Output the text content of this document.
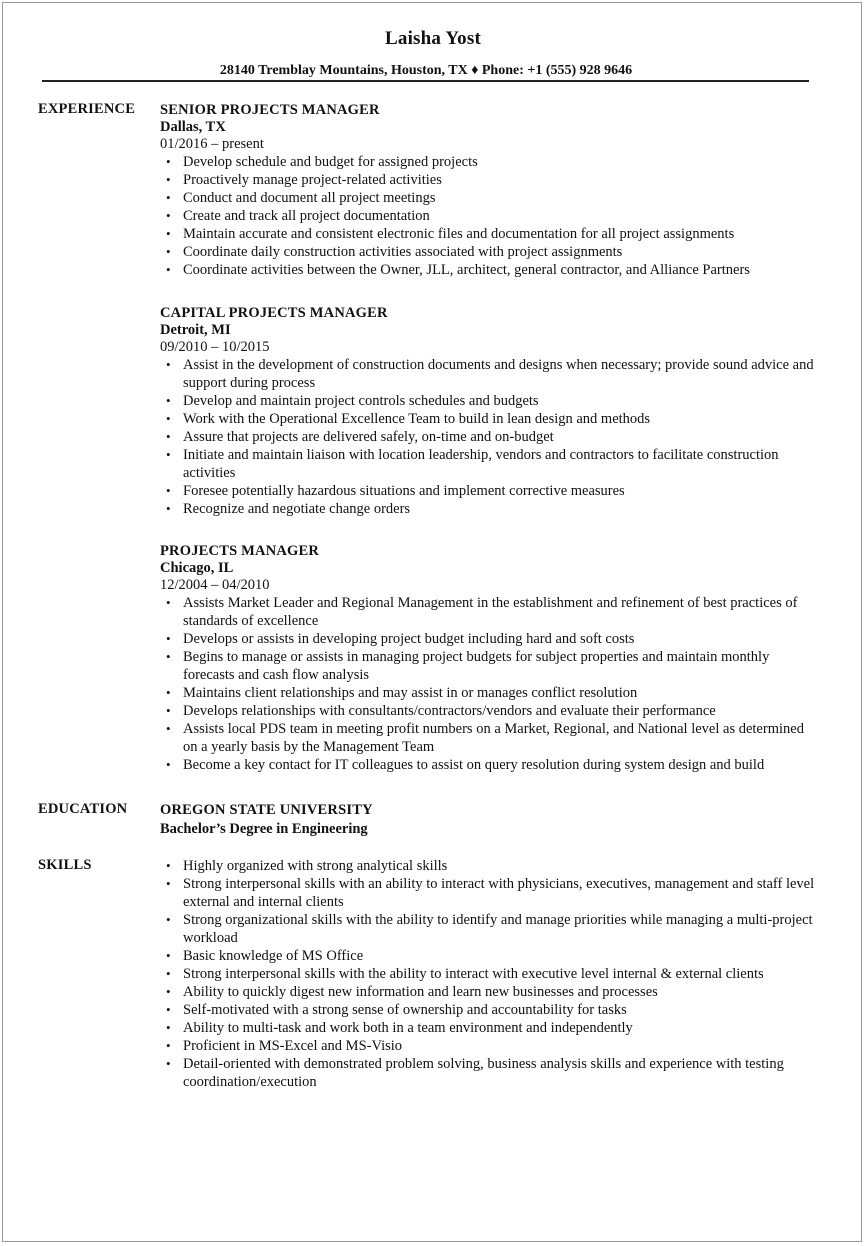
Laisha Yost
28140 Tremblay Mountains, Houston, TX ♦ Phone: +1 (555) 928 9646
EXPERIENCE SENIOR PROJECTS MANAGER
Dallas, TX
01/2016 – present
• Develop schedule and budget for assigned projects
• Proactively manage project-related activities
• Conduct and document all project meetings
• Create and track all project documentation
• Maintain accurate and consistent electronic files and documentation for all project assignments
• Coordinate daily construction activities associated with project assignments
• Coordinate activities between the Owner, JLL, architect, general contractor, and Alliance Partners
CAPITAL PROJECTS MANAGER
Detroit, MI
09/2010 – 10/2015
• Assist in the development of construction documents and designs when necessary; provide sound advice and support during process
• Develop and maintain project controls schedules and budgets
• Work with the Operational Excellence Team to build in lean design and methods
• Assure that projects are delivered safely, on-time and on-budget
• Initiate and maintain liaison with location leadership, vendors and contractors to facilitate construction activities
• Foresee potentially hazardous situations and implement corrective measures
• Recognize and negotiate change orders
PROJECTS MANAGER
Chicago, IL
12/2004 – 04/2010
• Assists Market Leader and Regional Management in the establishment and refinement of best practices of standards of excellence
• Develops or assists in developing project budget including hard and soft costs
• Begins to manage or assists in managing project budgets for subject properties and maintain monthly forecasts and cash flow analysis
• Maintains client relationships and may assist in or manages conflict resolution
• Develops relationships with consultants/contractors/vendors and evaluate their performance
• Assists local PDS team in meeting profit numbers on a Market, Regional, and National level as determined on a yearly basis by the Management Team
• Become a key contact for IT colleagues to assist on query resolution during system design and build
EDUCATION OREGON STATE UNIVERSITY
Bachelor’s Degree in Engineering
SKILLS
•	Highly organized with strong analytical skills
• Strong interpersonal skills with an ability to interact with physicians, executives, management and staff level external and internal clients
• Strong organizational skills with the ability to identify and manage priorities while managing a multi-project workload
• Basic knowledge of MS Office
• Strong interpersonal skills with the ability to interact with executive level internal & external clients
• Ability to quickly digest new information and learn new businesses and processes
• Self-motivated with a strong sense of ownership and accountability for tasks
• Ability to multi-task and work both in a team environment and independently
• Proficient in MS-Excel and MS-Visio
• Detail-oriented with demonstrated problem solving, business analysis skills and experience with testing coordination/execution
